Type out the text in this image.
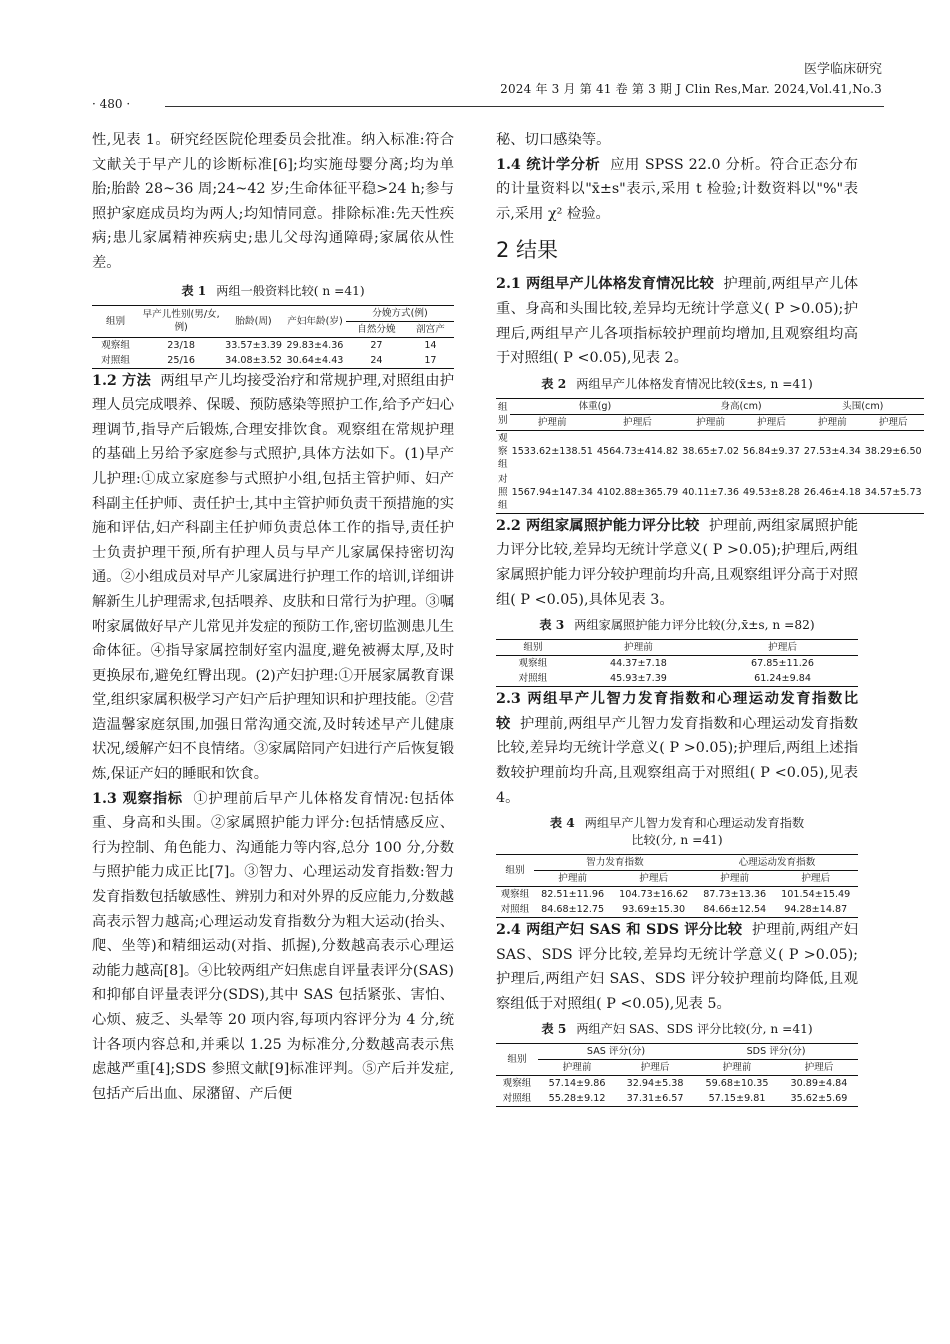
医学临床研究
2024 年 3 月 第 41 卷 第 3 期 J Clin Res,Mar. 2024,Vol.41,No.3
· 480 ·

性,见表 1。研究经医院伦理委员会批准。纳入标准:符合文献关于早产儿的诊断标准[6];均实施母婴分离;均为单胎;胎龄 28~36 周;24~42 岁;生命体征平稳>24 h;参与照护家庭成员均为两人;均知情同意。排除标准:先天性疾病;患儿家属精神疾病史;患儿父母沟通障碍;家属依从性差。

表 1 两组一般资料比较( n =41)
组别	早产儿性别(男/女,例)	胎龄(周)	产妇年龄(岁)	分娩方式(例)	
				自然分娩	剖宫产
观察组	23/18	33.57±3.39	29.83±4.36	27	14
对照组	25/16	34.08±3.52	30.64±4.43	24	17

1.2 方法 两组早产儿均接受治疗和常规护理,对照组由护理人员完成喂养、保暖、预防感染等照护工作,给予产妇心理调节,指导产后锻炼,合理安排饮食。观察组在常规护理的基础上另给予家庭参与式照护,具体方法如下。(1)早产儿护理:①成立家庭参与式照护小组,包括主管护师、妇产科副主任护师、责任护士,其中主管护师负责干预措施的实施和评估,妇产科副主任护师负责总体工作的指导,责任护士负责护理干预,所有护理人员与早产儿家属保持密切沟通。②小组成员对早产儿家属进行护理工作的培训,详细讲解新生儿护理需求,包括喂养、皮肤和日常行为护理。③嘱咐家属做好早产儿常见并发症的预防工作,密切监测患儿生命体征。④指导家属控制好室内温度,避免被褥太厚,及时更换尿布,避免红臀出现。(2)产妇护理:①开展家属教育课堂,组织家属积极学习产妇产后护理知识和护理技能。②营造温馨家庭氛围,加强日常沟通交流,及时转述早产儿健康状况,缓解产妇不良情绪。③家属陪同产妇进行产后恢复锻炼,保证产妇的睡眠和饮食。

1.3 观察指标 ①护理前后早产儿体格发育情况:包括体重、身高和头围。②家属照护能力评分:包括情感反应、行为控制、角色能力、沟通能力等内容,总分 100 分,分数与照护能力成正比[7]。③智力、心理运动发育指数:智力发育指数包括敏感性、辨别力和对外界的反应能力,分数越高表示智力越高;心理运动发育指数分为粗大运动(抬头、爬、坐等)和精细运动(对指、抓握),分数越高表示心理运动能力越高[8]。④比较两组产妇焦虑自评量表评分(SAS)和抑郁自评量表评分(SDS),其中 SAS 包括紧张、害怕、心烦、疲乏、头晕等 20 项内容,每项内容评分为 4 分,统计各项内容总和,并乘以 1.25 为标准分,分数越高表示焦虑越严重[4];SDS 参照文献[9]标准评判。⑤产后并发症,包括产后出血、尿潴留、产后便

秘、切口感染等。

1.4 统计学分析 应用 SPSS 22.0 分析。符合正态分布的计量资料以"x̄±s"表示,采用 t 检验;计数资料以"%"表示,采用 χ² 检验。

2 结果

2.1 两组早产儿体格发育情况比较 护理前,两组早产儿体重、身高和头围比较,差异均无统计学意义( P >0.05);护理后,两组早产儿各项指标较护理前均增加,且观察组均高于对照组( P <0.05),见表 2。

表 2 两组早产儿体格发育情况比较(x̄±s, n =41)
组别	体重(g)		身高(cm)		头围(cm)	
	护理前	护理后	护理前	护理后	护理前	护理后
观察组	1533.62±138.51	4564.73±414.82	38.65±7.02	56.84±9.37	27.53±4.34	38.29±6.50
对照组	1567.94±147.34	4102.88±365.79	40.11±7.36	49.53±8.28	26.46±4.18	34.57±5.73

2.2 两组家属照护能力评分比较 护理前,两组家属照护能力评分比较,差异均无统计学意义( P >0.05);护理后,两组家属照护能力评分较护理前均升高,且观察组评分高于对照组( P <0.05),具体见表 3。

表 3 两组家属照护能力评分比较(分,x̄±s, n =82)
组别	护理前	护理后
观察组	44.37±7.18	67.85±11.26
对照组	45.93±7.39	61.24±9.84

2.3 两组早产儿智力发育指数和心理运动发育指数比较 护理前,两组早产儿智力发育指数和心理运动发育指数比较,差异均无统计学意义( P >0.05);护理后,两组上述指数较护理前均升高,且观察组高于对照组( P <0.05),见表 4。

表 4 两组早产儿智力发育和心理运动发育指数
比较(分, n =41)
组别	智力发育指数		心理运动发育指数	
	护理前	护理后	护理前	护理后
观察组	82.51±11.96	104.73±16.62	87.73±13.36	101.54±15.49
对照组	84.68±12.75	93.69±15.30	84.66±12.54	94.28±14.87

2.4 两组产妇 SAS 和 SDS 评分比较 护理前,两组产妇 SAS、SDS 评分比较,差异均无统计学意义( P >0.05);护理后,两组产妇 SAS、SDS 评分较护理前均降低,且观察组低于对照组( P <0.05),见表 5。

表 5 两组产妇 SAS、SDS 评分比较(分, n =41)
组别	SAS 评分(分)		SDS 评分(分)	
	护理前	护理后	护理前	护理后
观察组	57.14±9.86	32.94±5.38	59.68±10.35	30.89±4.84
对照组	55.28±9.12	37.31±6.57	57.15±9.81	35.62±5.69
